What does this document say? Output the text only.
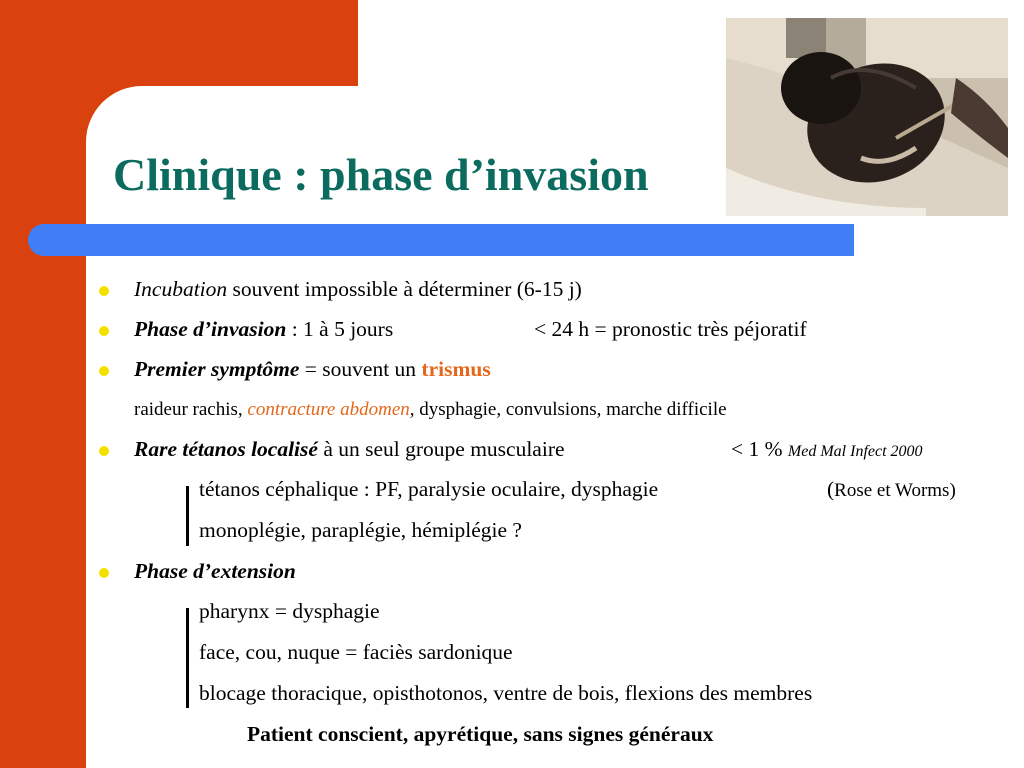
Clinique : phase d’invasion
Incubation souvent impossible à déterminer (6-15 j)
Phase d’invasion : 1 à 5 jours	< 24 h = pronostic très péjoratif
Premier symptôme = souvent un trismus
raideur rachis, contracture abdomen, dysphagie, convulsions, marche difficile
Rare tétanos localisé à un seul groupe musculaire	< 1 % Med Mal Infect 2000
tétanos céphalique : PF, paralysie oculaire, dysphagie	(Rose et Worms)
monoplégie, paraplégie, hémiplégie ?
Phase d’extension
pharynx = dysphagie
face, cou, nuque = faciès sardonique
blocage thoracique, opisthotonos, ventre de bois, flexions des membres
Patient conscient, apyrétique, sans signes généraux
